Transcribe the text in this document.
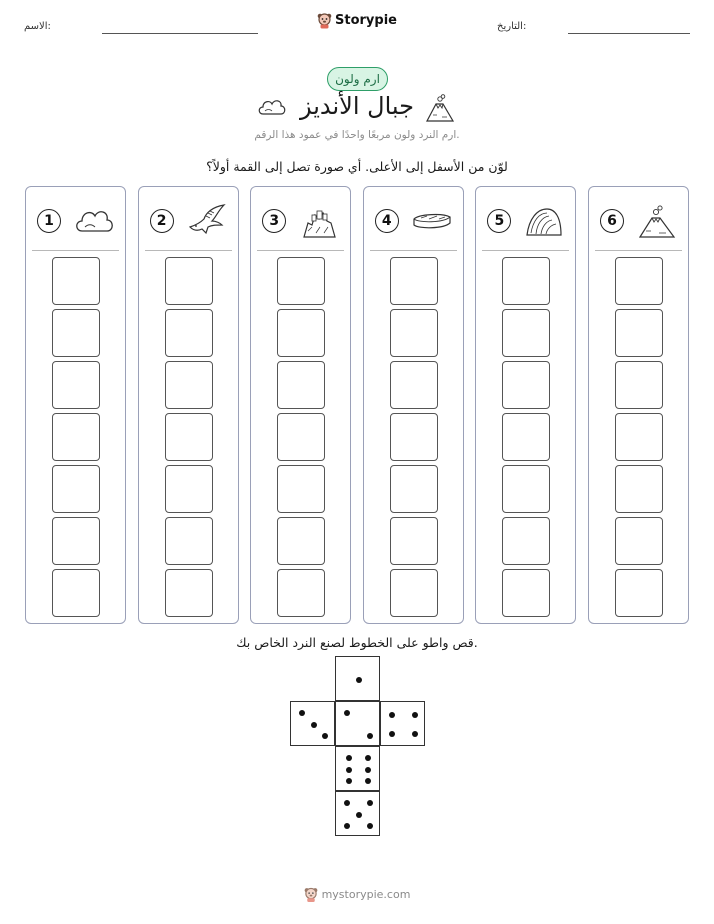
الاسم:	Storypie	التاريخ:
ارم ولون
جبال الأنديز
ارم النرد ولون مربعًا واحدًا في عمود هذا الرقم.
لوّن من الأسفل إلى الأعلى. أي صورة تصل إلى القمة أولاً؟
1	2	3	4	5	6
قص واطو على الخطوط لصنع النرد الخاص بك.
mystorypie.com
